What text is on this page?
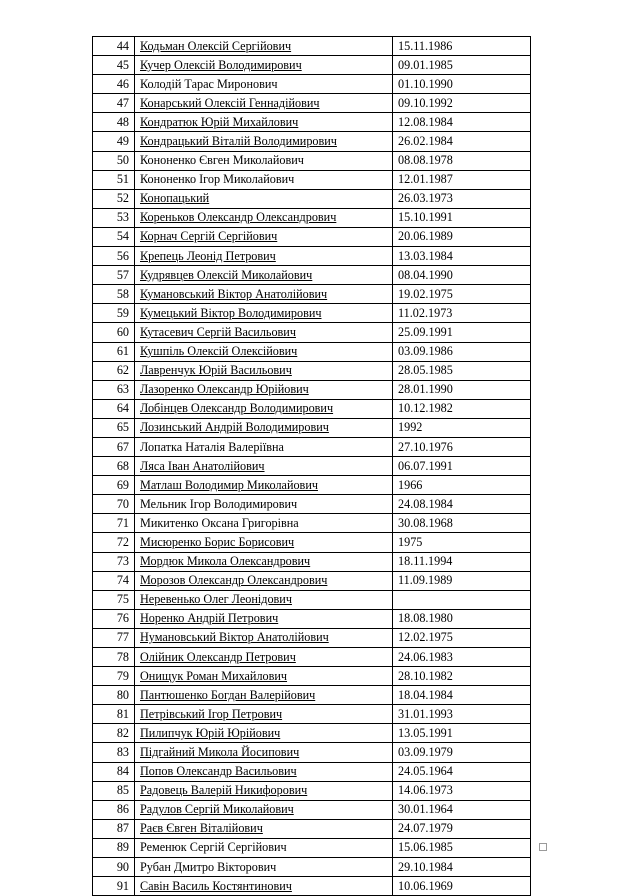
44	Кодьман Олексій Сергійович	15.11.1986
45	Кучер Олексій Володимирович	09.01.1985
46	Колодій Тарас Миронович	01.10.1990
47	Конарський Олексій Геннадійович	09.10.1992
48	Кондратюк Юрій Михайлович	12.08.1984
49	Кондрацький Віталій Володимирович	26.02.1984
50	Кононенко Євген Миколайович	08.08.1978
51	Кононенко Ігор Миколайович	12.01.1987
52	Конопацький	26.03.1973
53	Кореньков Олександр Олександрович	15.10.1991
54	Корнач Сергій Сергійович	20.06.1989
56	Крепець Леонід Петрович	13.03.1984
57	Кудрявцев Олексій Миколайович	08.04.1990
58	Кумановський Віктор Анатолійович	19.02.1975
59	Кумецький Віктор Володимирович	11.02.1973
60	Кутасевич Сергій Васильович	25.09.1991
61	Кушпіль Олексій Олексійович	03.09.1986
62	Лавренчук Юрій Васильович	28.05.1985
63	Лазоренко Олександр Юрійович	28.01.1990
64	Лобінцев Олександр Володимирович	10.12.1982
65	Лозинський Андрій Володимирович	1992
67	Лопатка Наталія Валеріївна	27.10.1976
68	Ляса Іван Анатолійович	06.07.1991
69	Матлаш Володимир Миколайович	1966
70	Мельник Ігор Володимирович	24.08.1984
71	Микитенко Оксана Григорівна	30.08.1968
72	Мисюренко Борис Борисович	1975
73	Мордюк Микола Олександрович	18.11.1994
74	Морозов Олександр Олександрович	11.09.1989
75	Неревенько Олег Леонідович	
76	Норенко Андрій Петрович	18.08.1980
77	Нумановський Віктор Анатолійович	12.02.1975
78	Олійник Олександр Петрович	24.06.1983
79	Онищук Роман Михайлович	28.10.1982
80	Пантюшенко Богдан Валерійович	18.04.1984
81	Петрівський Ігор Петрович	31.01.1993
82	Пилипчук Юрій Юрійович	13.05.1991
83	Підгайний Микола Йосипович	03.09.1979
84	Попов Олександр Васильович	24.05.1964
85	Радовець Валерій Никифорович	14.06.1973
86	Радулов Сергій Миколайович	30.01.1964
87	Раєв Євген Віталійович	24.07.1979
89	Ременюк Сергій Сергійович	15.06.1985
90	Рубан Дмитро Вікторович	29.10.1984
91	Савін Василь Костянтинович	10.06.1969
